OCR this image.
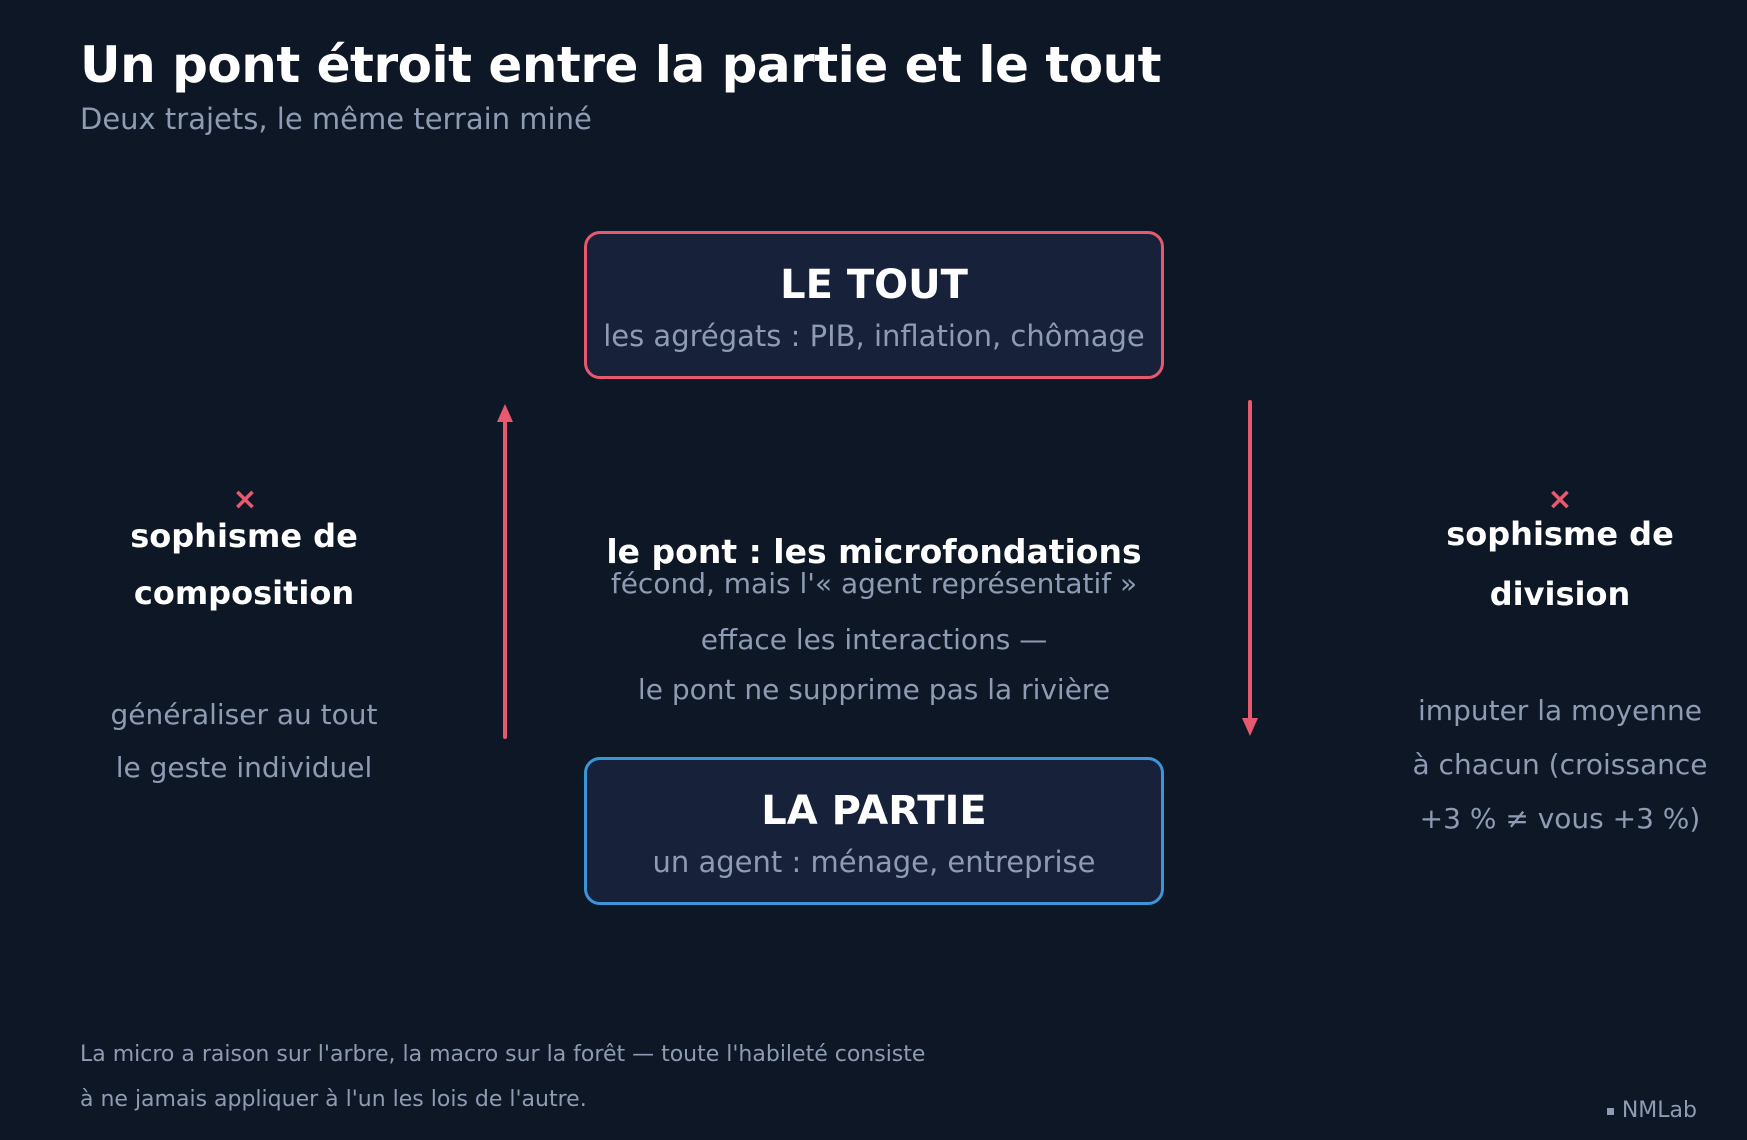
Un pont étroit entre la partie et le tout
Deux trajets, le même terrain miné
LE TOUT
les agrégats : PIB, inflation, chômage
LA PARTIE
un agent : ménage, entreprise
×
sophisme de
composition
généraliser au tout
le geste individuel
×
sophisme de
division
imputer la moyenne
à chacun (croissance
+3 % ≠ vous +3 %)
le pont : les microfondations
fécond, mais l'« agent représentatif »
efface les interactions —
le pont ne supprime pas la rivière
La micro a raison sur l'arbre, la macro sur la forêt — toute l'habileté consiste
à ne jamais appliquer à l'un les lois de l'autre.	NMLab
